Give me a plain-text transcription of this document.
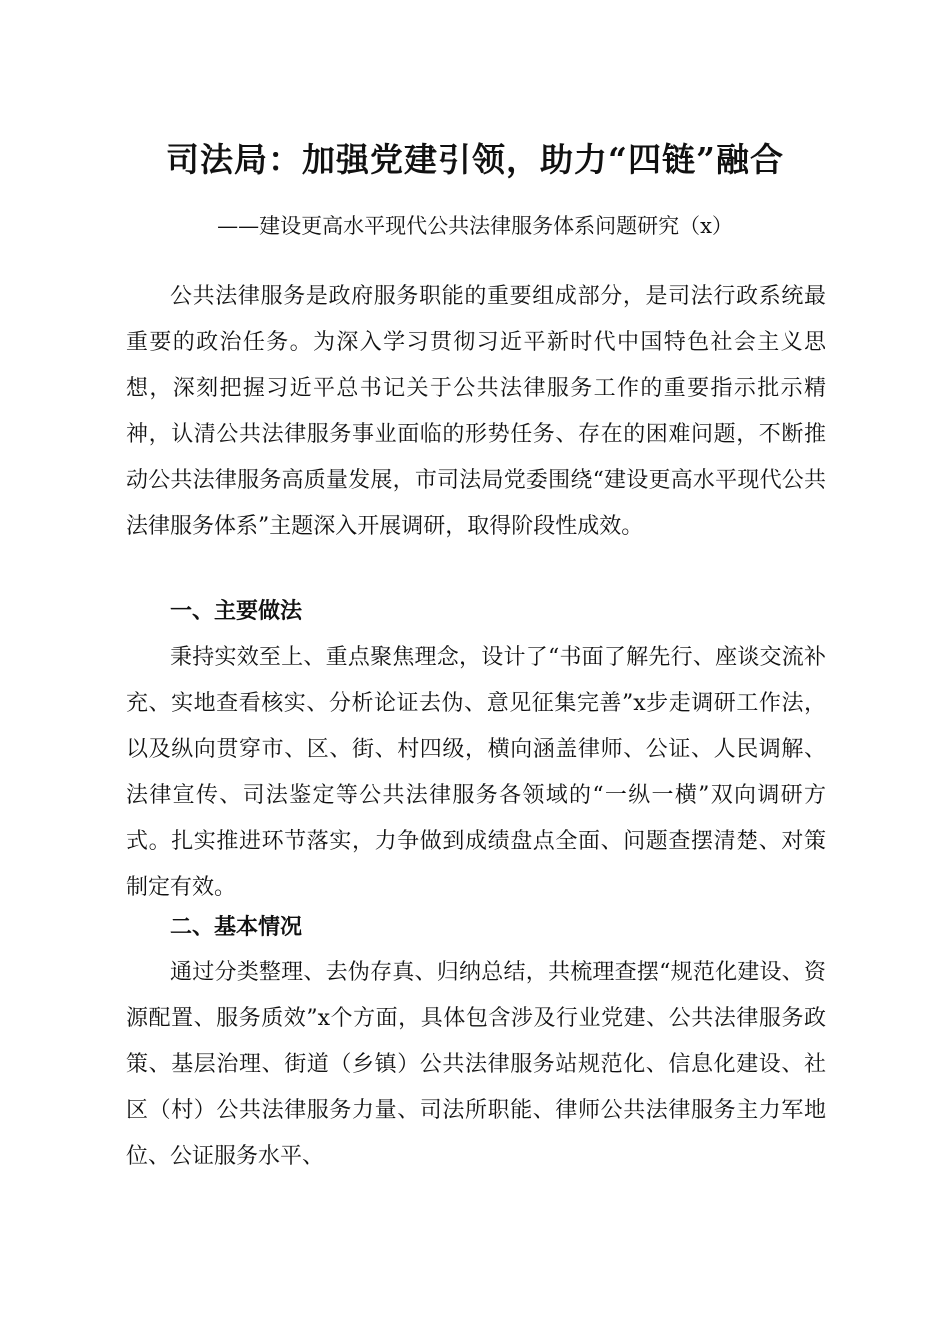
司法局：加强党建引领，助力“四链”融合
——建设更高水平现代公共法律服务体系问题研究（x）

公共法律服务是政府服务职能的重要组成部分，是司法行政系统最重要的政治任务。为深入学习贯彻习近平新时代中国特色社会主义思想，深刻把握习近平总书记关于公共法律服务工作的重要指示批示精神，认清公共法律服务事业面临的形势任务、存在的困难问题，不断推动公共法律服务高质量发展，市司法局党委围绕“建设更高水平现代公共法律服务体系”主题深入开展调研，取得阶段性成效。

一、主要做法

秉持实效至上、重点聚焦理念，设计了“书面了解先行、座谈交流补充、实地查看核实、分析论证去伪、意见征集完善”x步走调研工作法，以及纵向贯穿市、区、街、村四级，横向涵盖律师、公证、人民调解、法律宣传、司法鉴定等公共法律服务各领域的“一纵一横”双向调研方式。扎实推进环节落实，力争做到成绩盘点全面、问题查摆清楚、对策制定有效。

二、基本情况

通过分类整理、去伪存真、归纳总结，共梳理查摆“规范化建设、资源配置、服务质效”x个方面，具体包含涉及行业党建、公共法律服务政策、基层治理、街道（乡镇）公共法律服务站规范化、信息化建设、社区（村）公共法律服务力量、司法所职能、律师公共法律服务主力军地位、公证服务水平、
